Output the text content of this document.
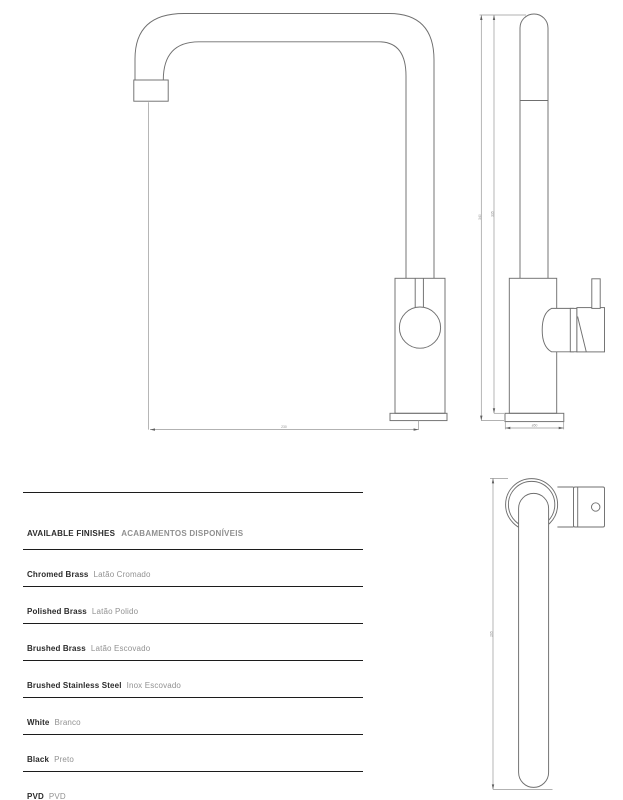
230
340
335
ø50
265
AVAILABLE FINISHES ACABAMENTOS DISPONÍVEIS
Chromed Brass Latão Cromado
Polished Brass Latão Polido
Brushed Brass Latão Escovado
Brushed Stainless Steel Inox Escovado
White Branco
Black Preto
PVD PVD
